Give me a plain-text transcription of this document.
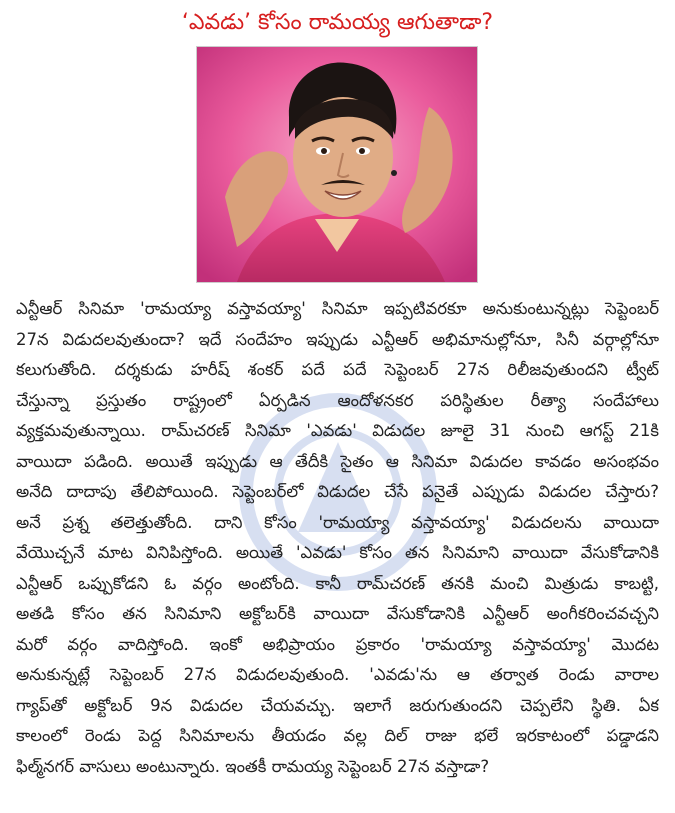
‘ఎవడు’ కోసం రామయ్య ఆగుతాడా?
ఎన్టీఆర్ సినిమా 'రామయ్యా వస్తావయ్యా' సినిమా ఇప్పటివరకూ అనుకుంటున్నట్లు సెప్టెంబర్
27న విడుదలవుతుందా? ఇదే సందేహం ఇప్పుడు ఎన్టీఆర్ అభిమానుల్లోనూ, సినీ వర్గాల్లోనూ
కలుగుతోంది. దర్శకుడు హరీష్ శంకర్ పదే పదే సెప్టెంబర్ 27న రిలీజవుతుందని ట్వీట్
చేస్తున్నా ప్రస్తుతం రాష్ట్రంలో ఏర్పడిన ఆందోళనకర పరిస్థితుల రీత్యా సందేహాలు
వ్యక్తమవుతున్నాయి. రామ్‌చరణ్ సినిమా 'ఎవడు' విడుదల జూలై 31 నుంచి ఆగస్ట్ 21కి
వాయిదా పడింది. అయితే ఇప్పుడు ఆ తేదీకి సైతం ఆ సినిమా విడుదల కావడం అసంభవం
అనేది దాదాపు తేలిపోయింది. సెప్టెంబర్‌లో విడుదల చేసే పనైతే ఎప్పుడు విడుదల చేస్తారు?
అనే ప్రశ్న తలెత్తుతోంది. దాని కోసం 'రామయ్యా వస్తావయ్యా' విడుదలను వాయిదా
వేయొచ్చనే మాట వినిపిస్తోంది. అయితే 'ఎవడు' కోసం తన సినిమాని వాయిదా వేసుకోడానికి
ఎన్టీఆర్ ఒప్పుకోడని ఓ వర్గం అంటోంది. కానీ రామ్‌చరణ్ తనకి మంచి మిత్రుడు కాబట్టి,
అతడి కోసం తన సినిమాని అక్టోబర్‌కి వాయిదా వేసుకోడానికి ఎన్టీఆర్ అంగీకరించవచ్చని
మరో వర్గం వాదిస్తోంది. ఇంకో అభిప్రాయం ప్రకారం 'రామయ్యా వస్తావయ్యా' మొదట
అనుకున్నట్లే సెప్టెంబర్ 27న విడుదలవుతుంది. 'ఎవడు'ను ఆ తర్వాత రెండు వారాల
గ్యాప్‌తో అక్టోబర్ 9న విడుదల చేయవచ్చు. ఇలాగే జరుగుతుందని చెప్పలేని స్థితి. ఏక
కాలంలో రెండు పెద్ద సినిమాలను తీయడం వల్ల దిల్ రాజు భలే ఇరకాటంలో పడ్డాడని
ఫిల్మ్‌నగర్ వాసులు అంటున్నారు. ఇంతకీ రామయ్య సెప్టెంబర్ 27న వస్తాడా?
